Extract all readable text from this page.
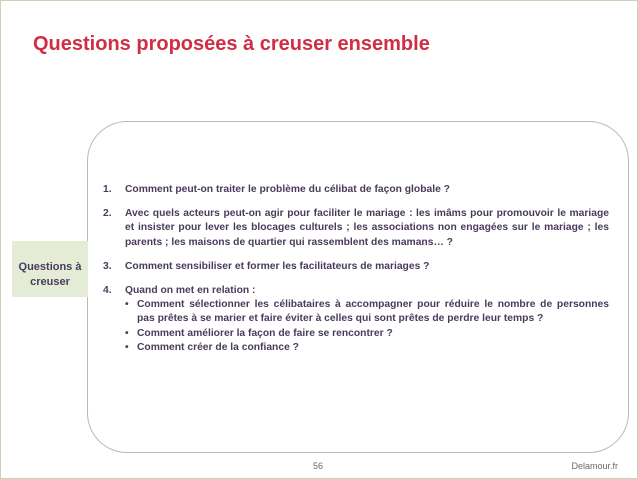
Questions proposées à creuser ensemble
Questions à
creuser
1. Comment peut-on traiter le problème du célibat de façon globale ?
2. Avec quels acteurs peut-on agir pour faciliter le mariage : les imâms pour promouvoir le mariage et insister pour lever les blocages culturels ; les associations non engagées sur le mariage ; les parents ; les maisons de quartier qui rassemblent des mamans… ?
3. Comment sensibiliser et former les facilitateurs de mariages ?
4. Quand on met en relation :
• Comment sélectionner les célibataires à accompagner pour réduire le nombre de personnes pas prêtes à se marier et faire éviter à celles qui sont prêtes de perdre leur temps ?
• Comment améliorer la façon de faire se rencontrer ?
• Comment créer de la confiance ?
56	Delamour.fr
